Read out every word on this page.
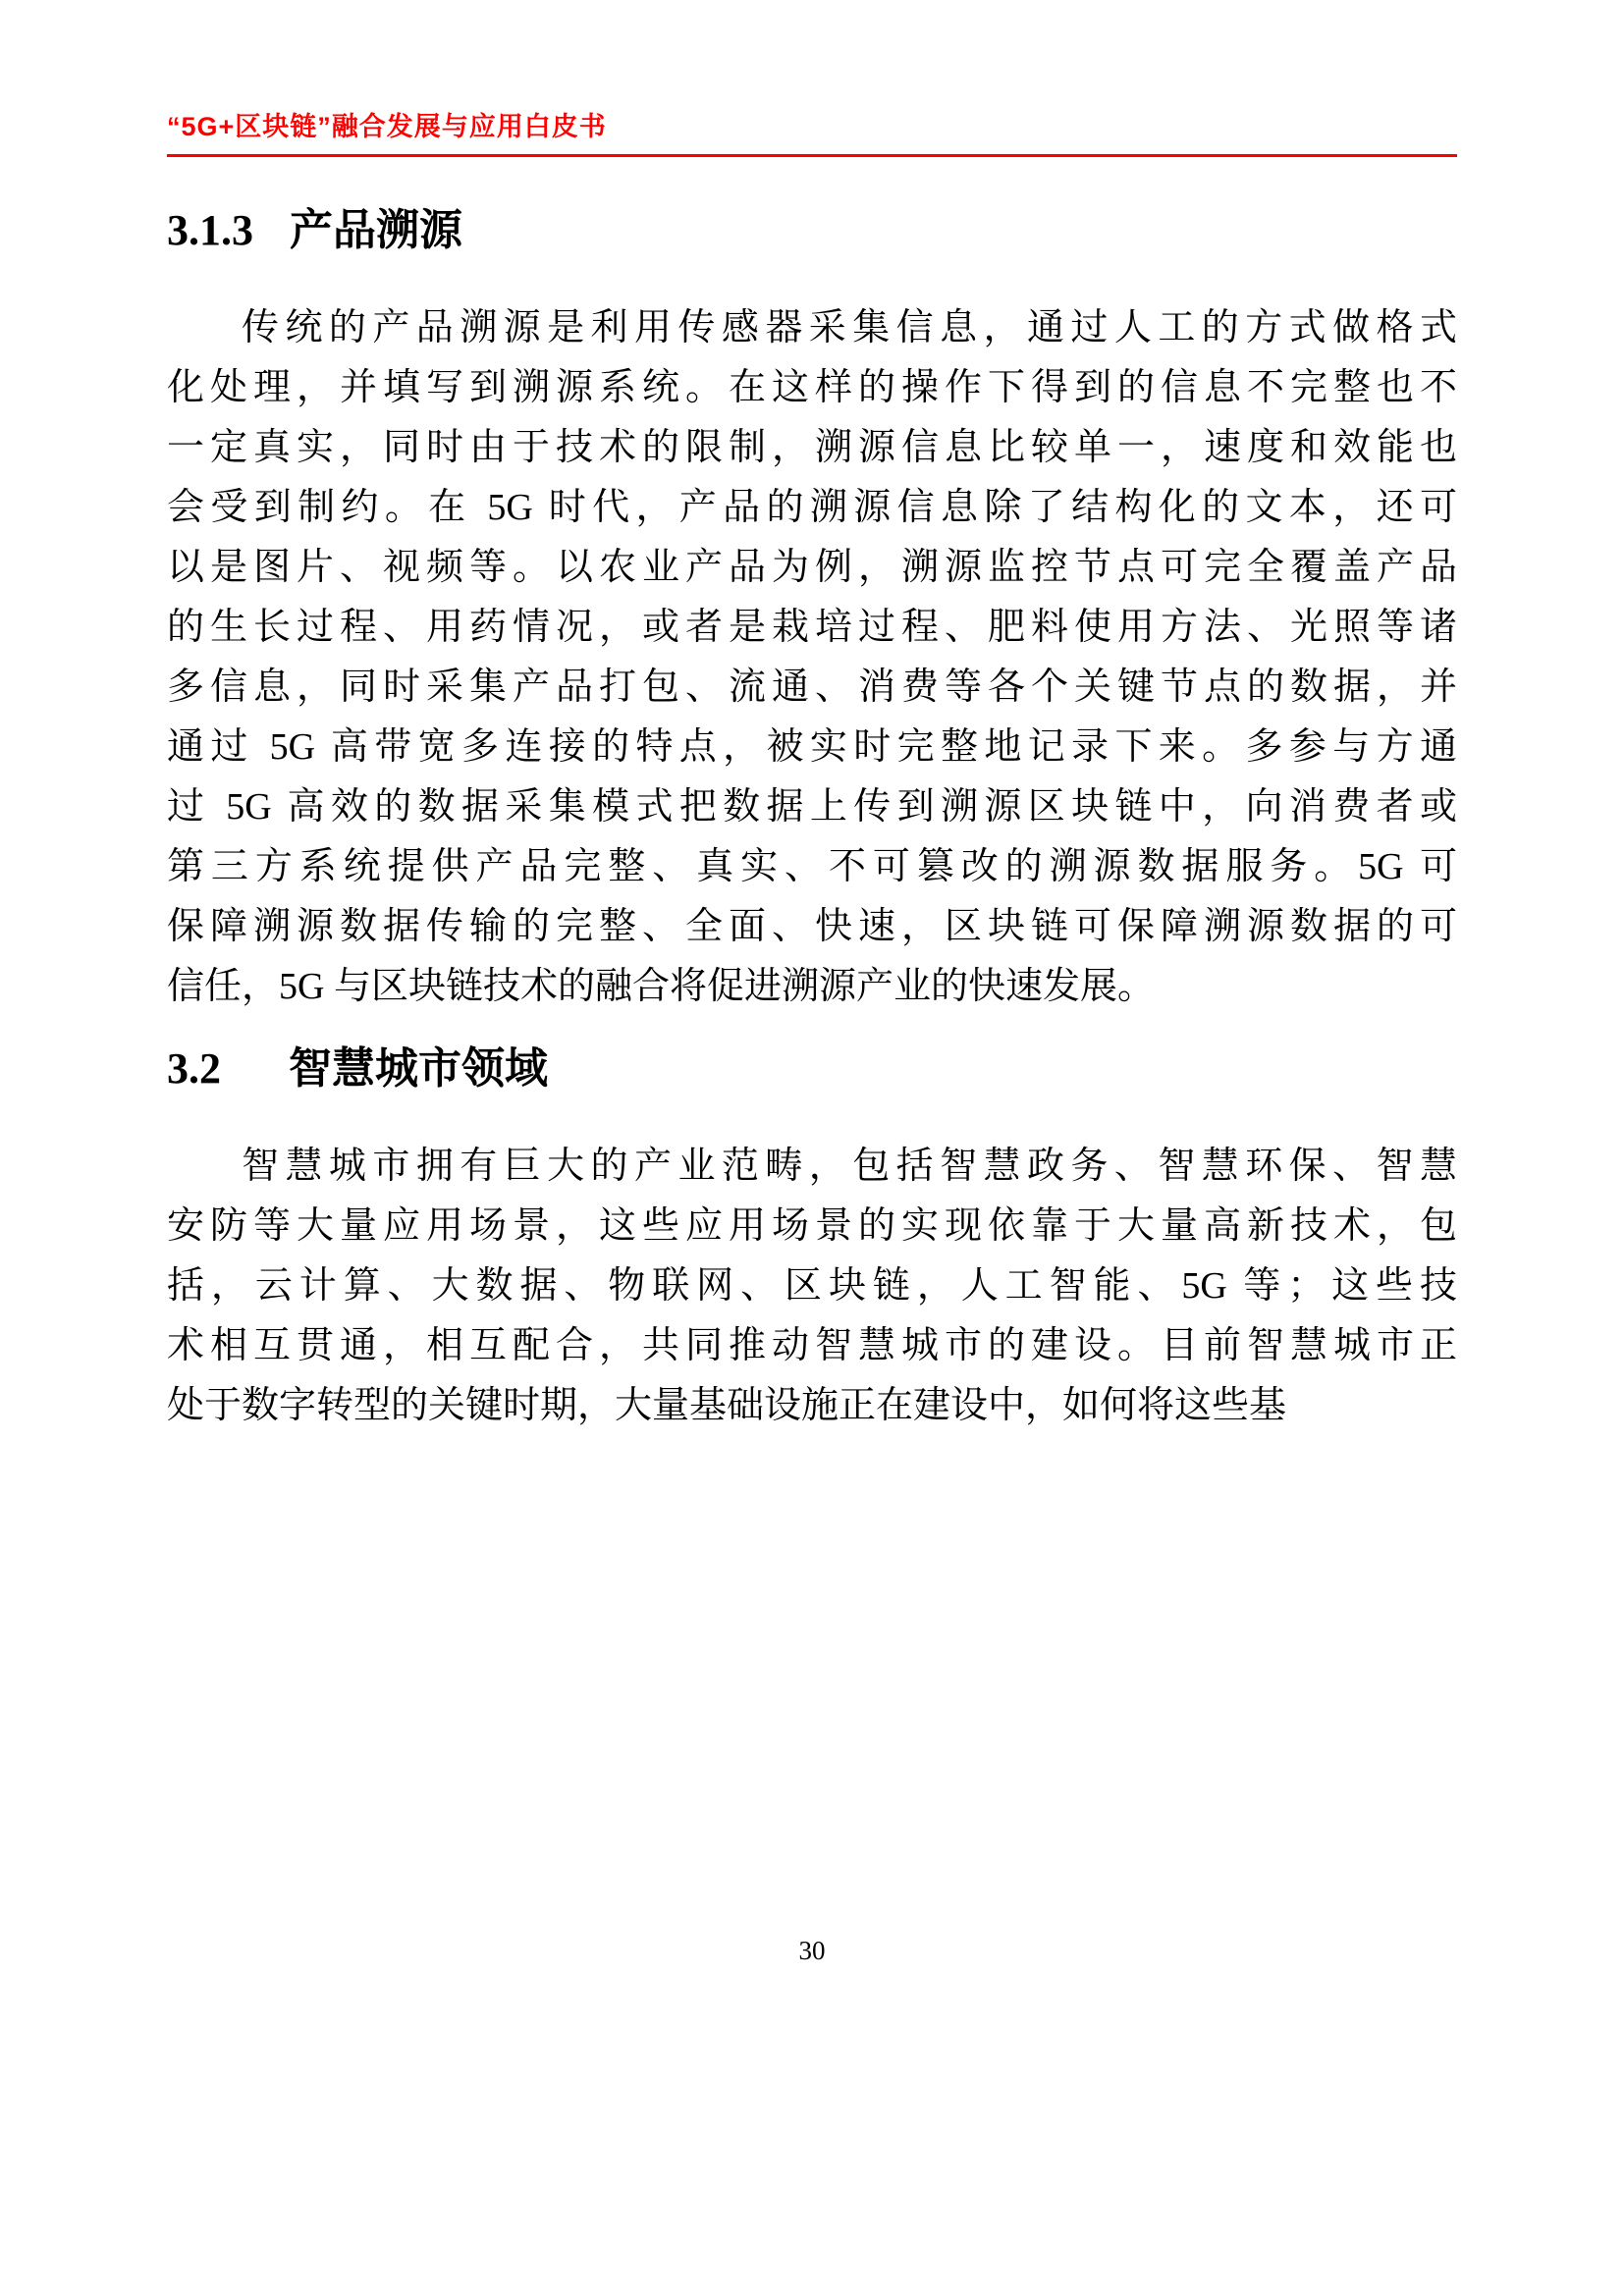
“5G+区块链”融合发展与应用白皮书
3.1.3 产品溯源
传统的产品溯源是利用传感器采集信息，通过人工的方式做格式
化处理，并填写到溯源系统。在这样的操作下得到的信息不完整也不
一定真实，同时由于技术的限制，溯源信息比较单一，速度和效能也
会受到制约。在 5G 时代，产品的溯源信息除了结构化的文本，还可
以是图片、视频等。以农业产品为例，溯源监控节点可完全覆盖产品
的生长过程、用药情况，或者是栽培过程、肥料使用方法、光照等诸
多信息，同时采集产品打包、流通、消费等各个关键节点的数据，并
通过 5G 高带宽多连接的特点，被实时完整地记录下来。多参与方通
过 5G 高效的数据采集模式把数据上传到溯源区块链中，向消费者或
第三方系统提供产品完整、真实、不可篡改的溯源数据服务。5G 可
保障溯源数据传输的完整、全面、快速，区块链可保障溯源数据的可
信任，5G 与区块链技术的融合将促进溯源产业的快速发展。
3.2 智慧城市领域
智慧城市拥有巨大的产业范畴，包括智慧政务、智慧环保、智慧
安防等大量应用场景，这些应用场景的实现依靠于大量高新技术，包
括，云计算、大数据、物联网、区块链，人工智能、5G 等；这些技
术相互贯通，相互配合，共同推动智慧城市的建设。目前智慧城市正
处于数字转型的关键时期，大量基础设施正在建设中，如何将这些基
30
